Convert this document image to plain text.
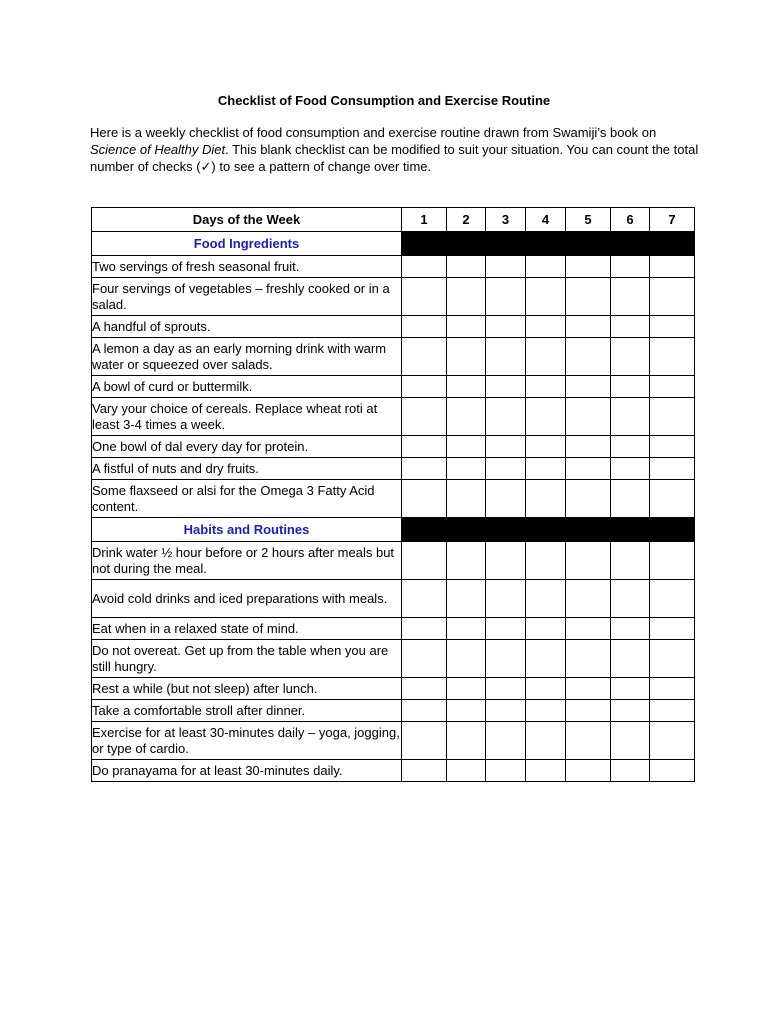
Checklist of Food Consumption and Exercise Routine

Here is a weekly checklist of food consumption and exercise routine drawn from Swamiji’s book on Science of Healthy Diet. This blank checklist can be modified to suit your situation. You can count the total number of checks (✓) to see a pattern of change over time.

Days of the Week	1	2	3	4	5	6	7
Food Ingredients							
Two servings of fresh seasonal fruit.							
Four servings of vegetables – freshly cooked or in a salad.							
A handful of sprouts.							
A lemon a day as an early morning drink with warm water or squeezed over salads.							
A bowl of curd or buttermilk.							
Vary your choice of cereals. Replace wheat roti at least 3-4 times a week.							
One bowl of dal every day for protein.							
A fistful of nuts and dry fruits.							
Some flaxseed or alsi for the Omega 3 Fatty Acid content.							
Habits and Routines							
Drink water ½ hour before or 2 hours after meals but not during the meal.							
Avoid cold drinks and iced preparations with meals.							
Eat when in a relaxed state of mind.							
Do not overeat. Get up from the table when you are still hungry.							
Rest a while (but not sleep) after lunch.							
Take a comfortable stroll after dinner.							
Exercise for at least 30-minutes daily – yoga, jogging, or type of cardio.							
Do pranayama for at least 30-minutes daily.							
